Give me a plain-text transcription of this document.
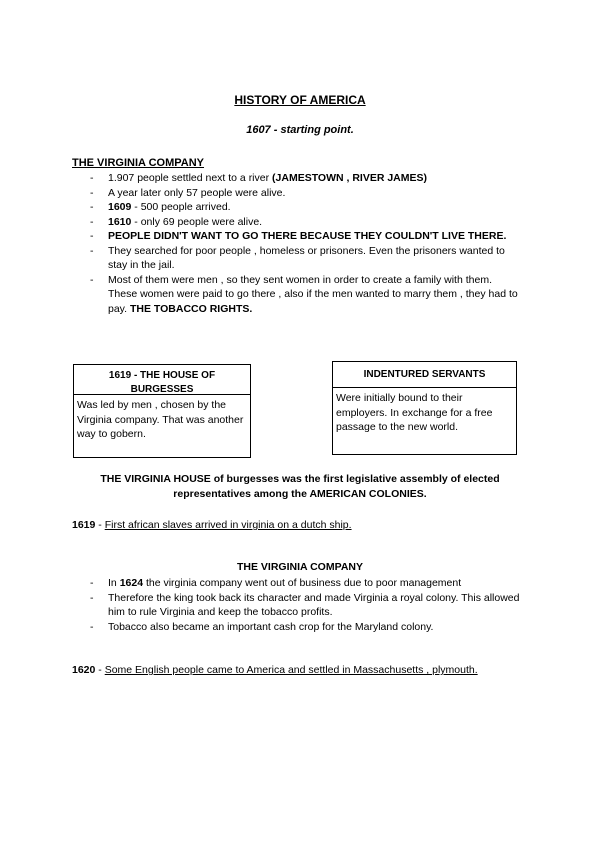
HISTORY OF AMERICA
1607 - starting point.
THE VIRGINIA COMPANY
- 1.907 people settled next to a river (JAMESTOWN , RIVER JAMES)
- A year later only 57 people were alive.
- 1609 - 500 people arrived.
- 1610 - only 69 people were alive.
- PEOPLE DIDN'T WANT TO GO THERE BECAUSE THEY COULDN'T LIVE THERE.
- They searched for poor people , homeless or prisoners. Even the prisoners wanted to stay in the jail.
- Most of them were men , so they sent women in order to create a family with them. These women were paid to go there , also if the men wanted to marry them , they had to pay. THE TOBACCO RIGHTS.
1619 - THE HOUSE OF BURGESSES
Was led by men , chosen by the Virginia company. That was another way to gobern.
INDENTURED SERVANTS
Were initially bound to their employers. In exchange for a free passage to the new world.
THE VIRGINIA HOUSE of burgesses was the first legislative assembly of elected representatives among the AMERICAN COLONIES.
1619 - First african slaves arrived in virginia on a dutch ship.
THE VIRGINIA COMPANY
- In 1624 the virginia company went out of business due to poor management
- Therefore the king took back its character and made Virginia a royal colony. This allowed him to rule Virginia and keep the tobacco profits.
- Tobacco also became an important cash crop for the Maryland colony.
1620 - Some English people came to America and settled in Massachusetts , plymouth.
